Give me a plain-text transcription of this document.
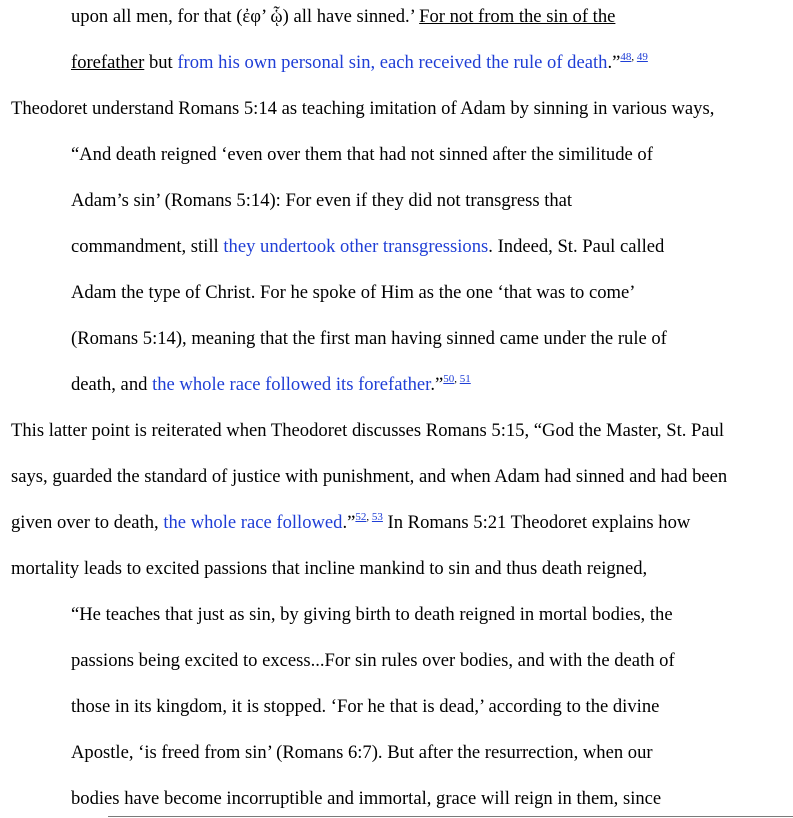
upon all men, for that (ἐφ’ ᾧ) all have sinned.’ For not from the sin of the
forefather but from his own personal sin, each received the rule of death.”$^{48, 49}$
Theodoret understand Romans 5:14 as teaching imitation of Adam by sinning in various ways,
“And death reigned ‘even over them that had not sinned after the similitude of
Adam’s sin’ (Romans 5:14): For even if they did not transgress that
commandment, still they undertook other transgressions. Indeed, St. Paul called
Adam the type of Christ. For he spoke of Him as the one ‘that was to come’
(Romans 5:14), meaning that the first man having sinned came under the rule of
death, and the whole race followed its forefather.”$^{50, 51}$
This latter point is reiterated when Theodoret discusses Romans 5:15, “God the Master, St. Paul
says, guarded the standard of justice with punishment, and when Adam had sinned and had been
given over to death, the whole race followed.”$^{52, 53}$ In Romans 5:21 Theodoret explains how
mortality leads to excited passions that incline mankind to sin and thus death reigned,
“He teaches that just as sin, by giving birth to death reigned in mortal bodies, the
passions being excited to excess...For sin rules over bodies, and with the death of
those in its kingdom, it is stopped. ‘For he that is dead,’ according to the divine
Apostle, ‘is freed from sin’ (Romans 6:7). But after the resurrection, when our
bodies have become incorruptible and immortal, grace will reign in them, since
